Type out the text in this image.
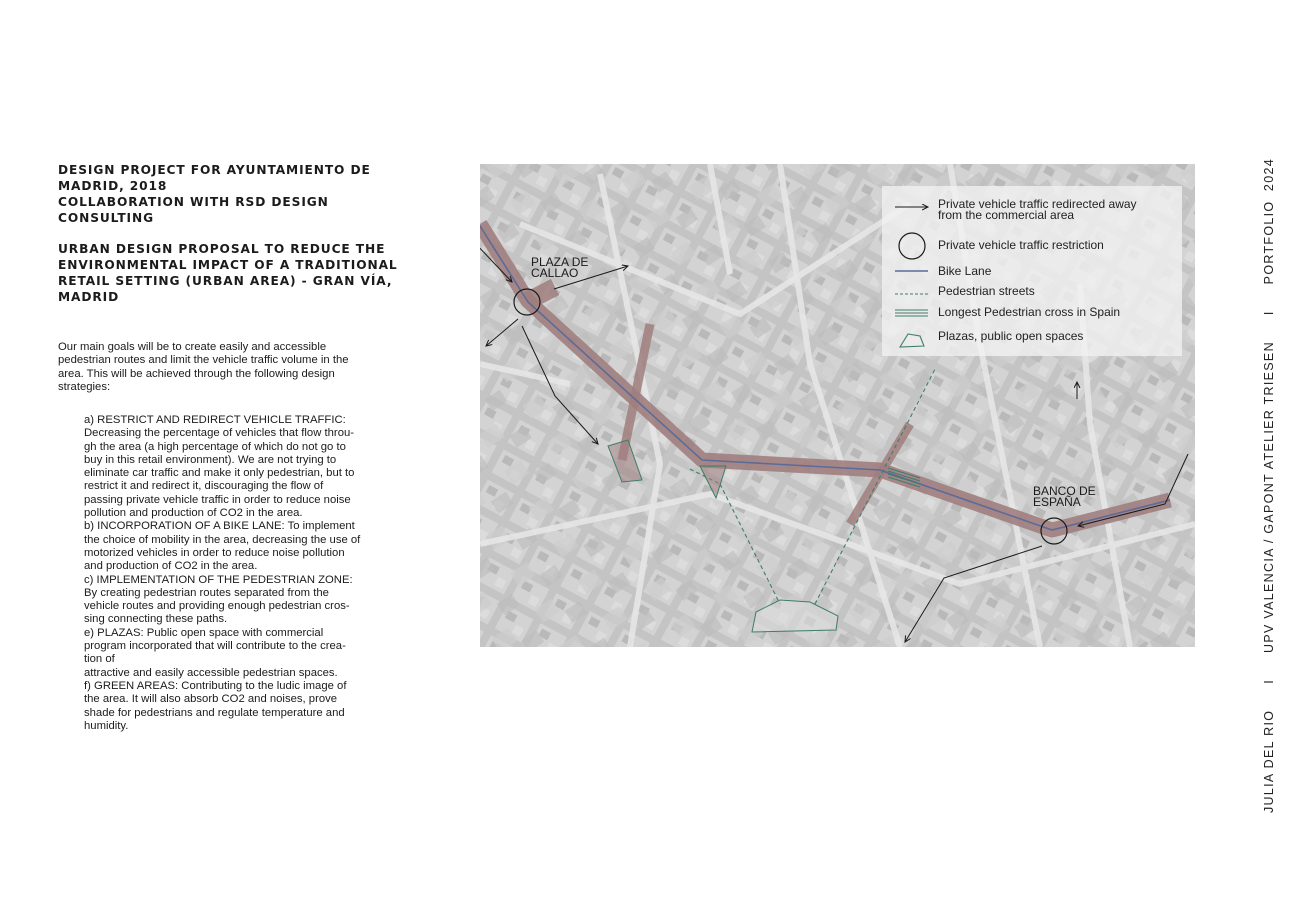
DESIGN PROJECT FOR AYUNTAMIENTO DE
MADRID, 2018
COLLABORATION WITH RSD DESIGN
CONSULTING
URBAN DESIGN PROPOSAL TO REDUCE THE
ENVIRONMENTAL IMPACT OF A TRADITIONAL
RETAIL SETTING (URBAN AREA) - GRAN VÍA,
MADRID
Our main goals will be to create easily and accessible
pedestrian routes and limit the vehicle traffic volume in the
area. This will be achieved through the following design
strategies:
a) RESTRICT AND REDIRECT VEHICLE TRAFFIC:
Decreasing the percentage of vehicles that flow throu-
gh the area (a high percentage of which do not go to
buy in this retail environment). We are not trying to
eliminate car traffic and make it only pedestrian, but to
restrict it and redirect it, discouraging the flow of
passing private vehicle traffic in order to reduce noise
pollution and production of CO2 in the area.
b) INCORPORATION OF A BIKE LANE: To implement
the choice of mobility in the area, decreasing the use of
motorized vehicles in order to reduce noise pollution
and production of CO2 in the area.
c) IMPLEMENTATION OF THE PEDESTRIAN ZONE:
By creating pedestrian routes separated from the
vehicle routes and providing enough pedestrian cros-
sing connecting these paths.
e) PLAZAS: Public open space with commercial
program incorporated that will contribute to the crea-
tion of
attractive and easily accessible pedestrian spaces.
f) GREEN AREAS: Contributing to the ludic image of
the area. It will also absorb CO2 and noises, prove
shade for pedestrians and regulate temperature and
humidity.
PLAZA DE
CALLAO
BANCO DE
ESPAÑA
Private vehicle traffic redirected away
from the commercial area
Private vehicle traffic restriction
Bike Lane
Pedestrian streets
Longest Pedestrian cross in Spain
Plazas, public open spaces
JULIA DEL RIOIUPV VALENCIA / GAPONT ATELIER TRIESENIPORTFOLIO  2024
